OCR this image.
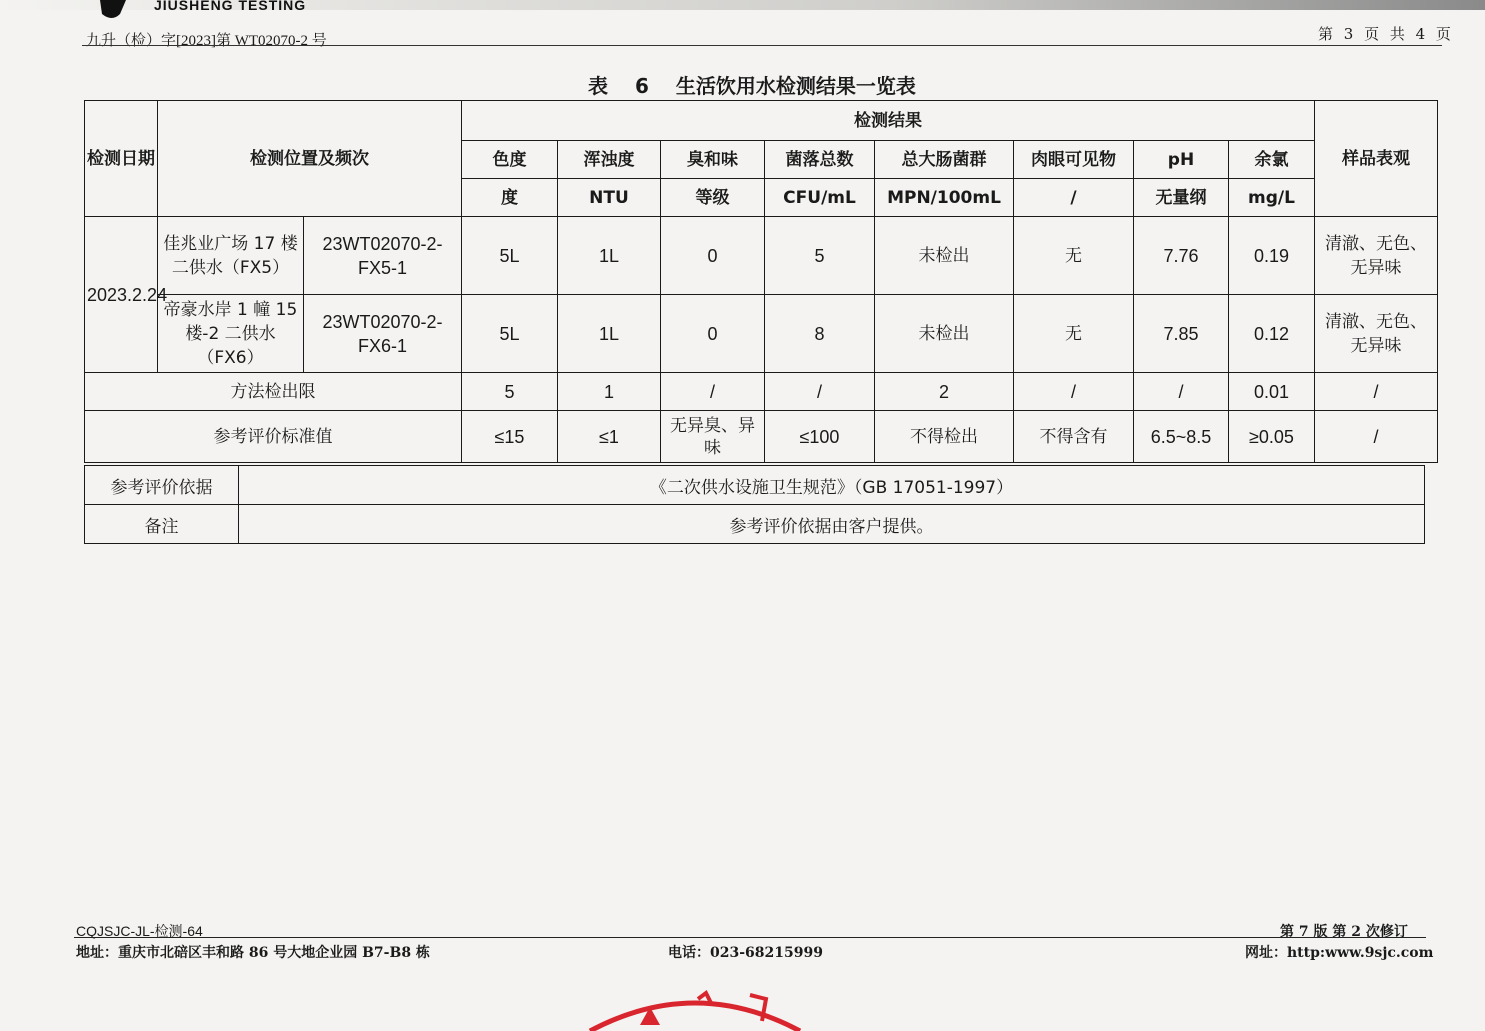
JIUSHENG TESTING
九升（检）字[2023]第 WT02070-2 号	第 3 页 共 4 页
表 6 生活饮用水检测结果一览表
检测日期	检测位置及频次		检测结果								样品表观
			色度	浑浊度	臭和味	菌落总数	总大肠菌群	肉眼可见物	pH	余氯	
			度	NTU	等级	CFU/mL	MPN/100mL	/	无量纲	mg/L	
2023.2.24	佳兆业广场 17 楼二供水（FX5）	23WT02070-2-FX5-1	5L	1L	0	5	未检出	无	7.76	0.19	清澈、无色、无异味
	帝豪水岸 1 幢 15 楼-2 二供水（FX6）	23WT02070-2-FX6-1	5L	1L	0	8	未检出	无	7.85	0.12	清澈、无色、无异味
方法检出限			5	1	/	/	2	/	/	0.01	/
参考评价标准值			≤15	≤1	无异臭、异味	≤100	不得检出	不得含有	6.5~8.5	≥0.05	/
参考评价依据	《二次供水设施卫生规范》（GB 17051-1997）
备注	参考评价依据由客户提供。
CQJSJC-JL-检测-64	第 7 版 第 2 次修订
地址：重庆市北碚区丰和路 86 号大地企业园 B7-B8 栋	电话：023-68215999	网址：http:www.9sjc.com
